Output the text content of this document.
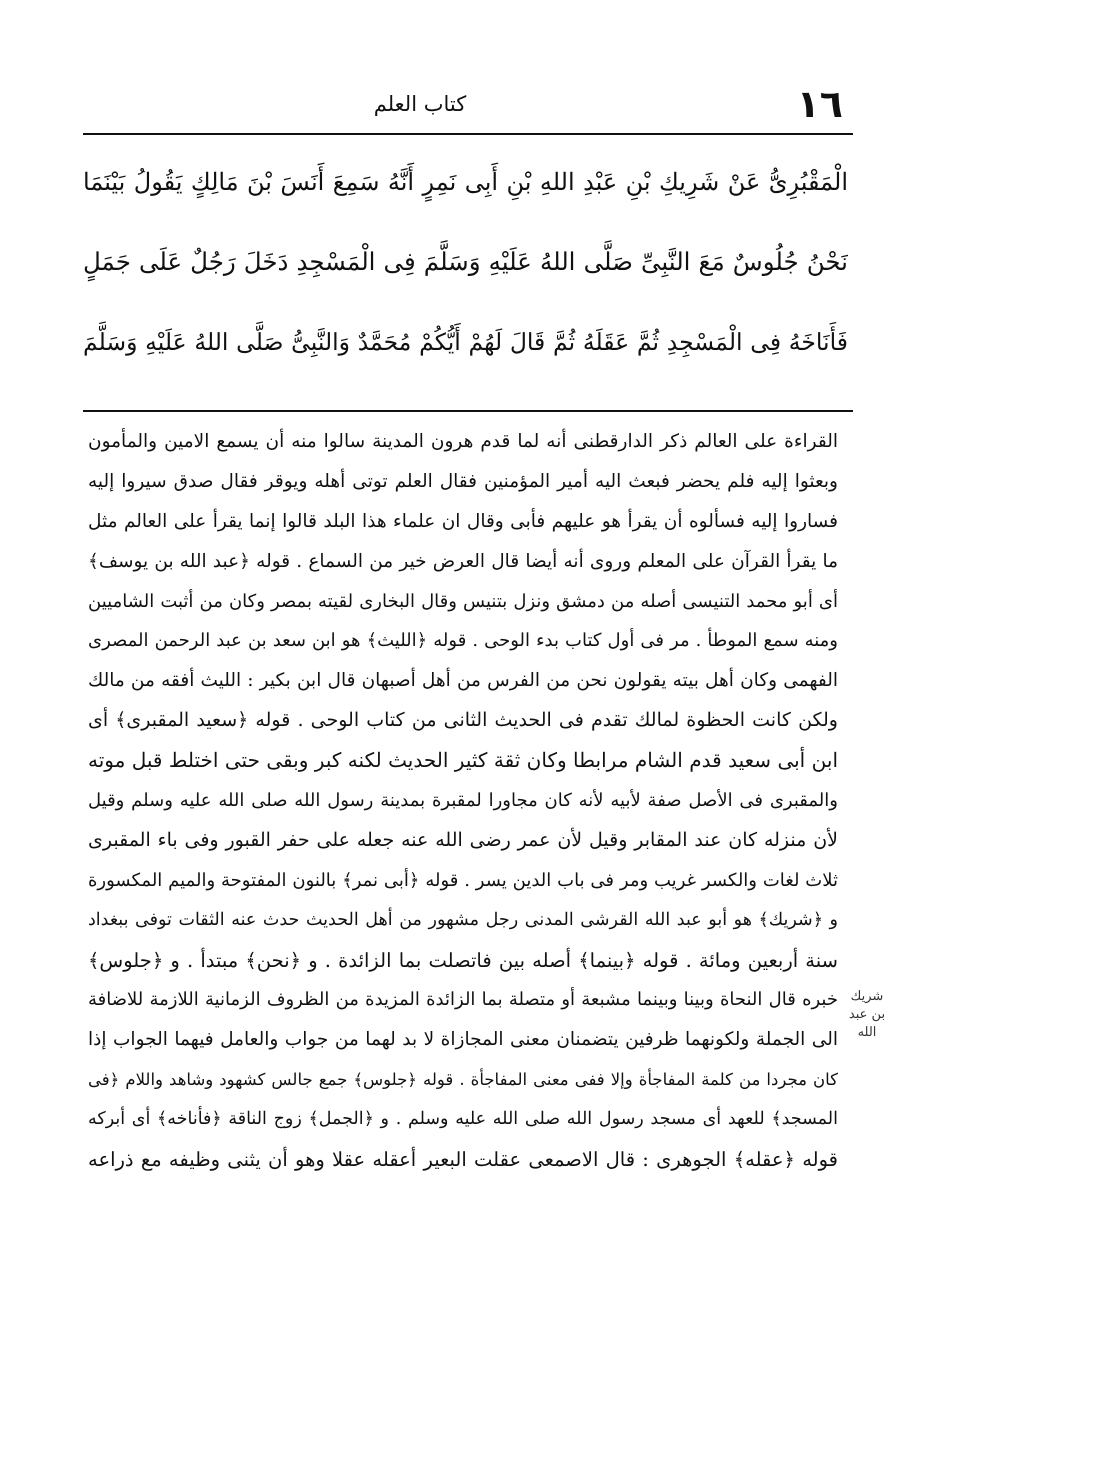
١٦
كتاب العلم
الْمَقْبُرِىُّ عَنْ شَرِيكِ بْنِ عَبْدِ اللهِ بْنِ أَبِى نَمِرٍ أَنَّهُ سَمِعَ أَنَسَ بْنَ مَالِكٍ يَقُولُ بَيْنَمَا
نَحْنُ جُلُوسٌ مَعَ النَّبِىِّ صَلَّى اللهُ عَلَيْهِ وَسَلَّمَ فِى الْمَسْجِدِ دَخَلَ رَجُلٌ عَلَى جَمَلٍ
فَأَنَاخَهُ فِى الْمَسْجِدِ ثُمَّ عَقَلَهُ ثُمَّ قَالَ لَهُمْ أَيُّكُمْ مُحَمَّدٌ وَالنَّبِىُّ صَلَّى اللهُ عَلَيْهِ وَسَلَّمَ
القراءة على العالم ذكر الدارقطنى أنه لما قدم هرون المدينة سالوا منه أن يسمع الامين والمأمون
وبعثوا إليه فلم يحضر فبعث اليه أمير المؤمنين فقال العلم توتى أهله ويوقر فقال صدق سيروا إليه
فساروا إليه فسألوه أن يقرأ هو عليهم فأبى وقال ان علماء هذا البلد قالوا إنما يقرأ على العالم مثل
ما يقرأ القرآن على المعلم وروى أنه أيضا قال العرض خير من السماع . قوله ﴿عبد الله بن يوسف﴾
أى أبو محمد التنيسى أصله من دمشق ونزل بتنيس وقال البخارى لقيته بمصر وكان من أثبت الشاميين
ومنه سمع الموطأ . مر فى أول كتاب بدء الوحى . قوله ﴿الليث﴾ هو ابن سعد بن عبد الرحمن المصرى
الفهمى وكان أهل بيته يقولون نحن من الفرس من أهل أصبهان قال ابن بكير : الليث أفقه من مالك
ولكن كانت الحظوة لمالك تقدم فى الحديث الثانى من كتاب الوحى . قوله ﴿سعيد المقبرى﴾ أى
ابن أبى سعيد قدم الشام مرابطا وكان ثقة كثير الحديث لكنه كبر وبقى حتى اختلط قبل موته
والمقبرى فى الأصل صفة لأبيه لأنه كان مجاورا لمقبرة بمدينة رسول الله صلى الله عليه وسلم وقيل
لأن منزله كان عند المقابر وقيل لأن عمر رضى الله عنه جعله على حفر القبور وفى باء المقبرى
ثلاث لغات والكسر غريب ومر فى باب الدين يسر . قوله ﴿أبى نمر﴾ بالنون المفتوحة والميم المكسورة
و ﴿شريك﴾ هو أبو عبد الله القرشى المدنى رجل مشهور من أهل الحديث حدث عنه الثقات توفى ببغداد
سنة أربعين ومائة . قوله ﴿بينما﴾ أصله بين فاتصلت بما الزائدة . و ﴿نحن﴾ مبتدأ . و ﴿جلوس﴾
خبره قال النحاة وبينا وبينما مشبعة أو متصلة بما الزائدة المزيدة من الظروف الزمانية اللازمة للاضافة
الى الجملة ولكونهما ظرفين يتضمنان معنى المجازاة لا بد لهما من جواب والعامل فيهما الجواب إذا
كان مجردا من كلمة المفاجأة وإلا ففى معنى المفاجأة . قوله ﴿جلوس﴾ جمع جالس كشهود وشاهد واللام ﴿فى
المسجد﴾ للعهد أى مسجد رسول الله صلى الله عليه وسلم . و ﴿الجمل﴾ زوج الناقة ﴿فأناخه﴾ أى أبركه
قوله ﴿عقله﴾ الجوهرى : قال الاصمعى عقلت البعير أعقله عقلا وهو أن يثنى وظيفه مع ذراعه
شريك بن عبد الله
